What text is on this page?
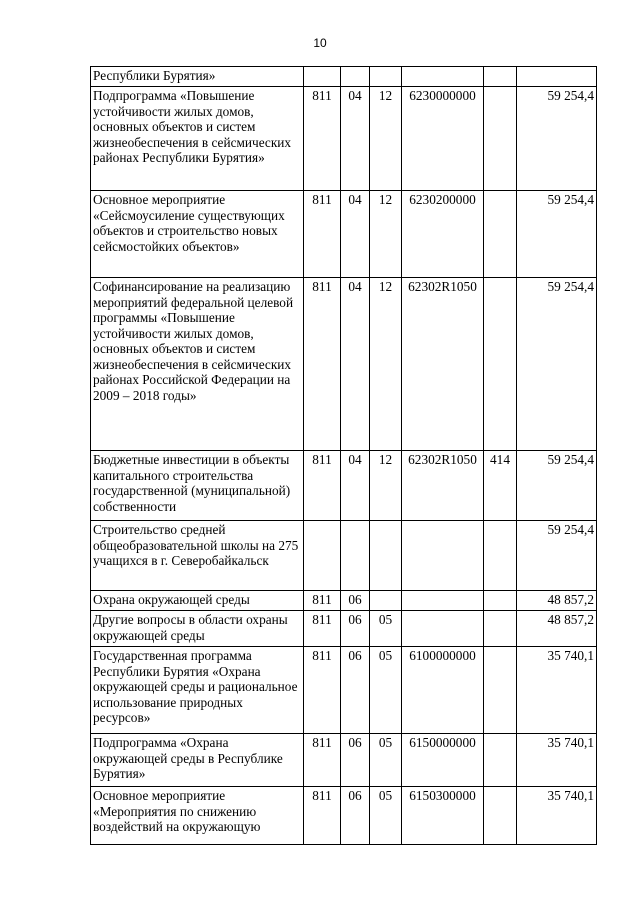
10
Республики Бурятия»						
Подпрограмма «Повышение устойчивости жилых домов, основных объектов и систем жизнеобеспечения в сейсмических районах Республики Бурятия»	811	04	12	6230000000		59 254,4
Основное мероприятие «Сейсмоусиление существующих объектов и строительство новых сейсмостойких объектов»	811	04	12	6230200000		59 254,4
Софинансирование на реализацию мероприятий федеральной целевой программы «Повышение устойчивости жилых домов, основных объектов и систем жизнеобеспечения в сейсмических районах Российской Федерации на 2009 – 2018 годы»	811	04	12	62302R1050		59 254,4
Бюджетные инвестиции в объекты капитального строительства государственной (муниципальной) собственности	811	04	12	62302R1050	414	59 254,4
Строительство средней общеобразовательной школы на 275 учащихся в г. Северобайкальск						59 254,4
Охрана окружающей среды	811	06				48 857,2
Другие вопросы в области охраны окружающей среды	811	06	05			48 857,2
Государственная программа Республики Бурятия «Охрана окружающей среды и рациональное использование природных ресурсов»	811	06	05	6100000000		35 740,1
Подпрограмма «Охрана окружающей среды в Республике Бурятия»	811	06	05	6150000000		35 740,1
Основное мероприятие «Мероприятия по снижению воздействий на окружающую	811	06	05	6150300000		35 740,1
